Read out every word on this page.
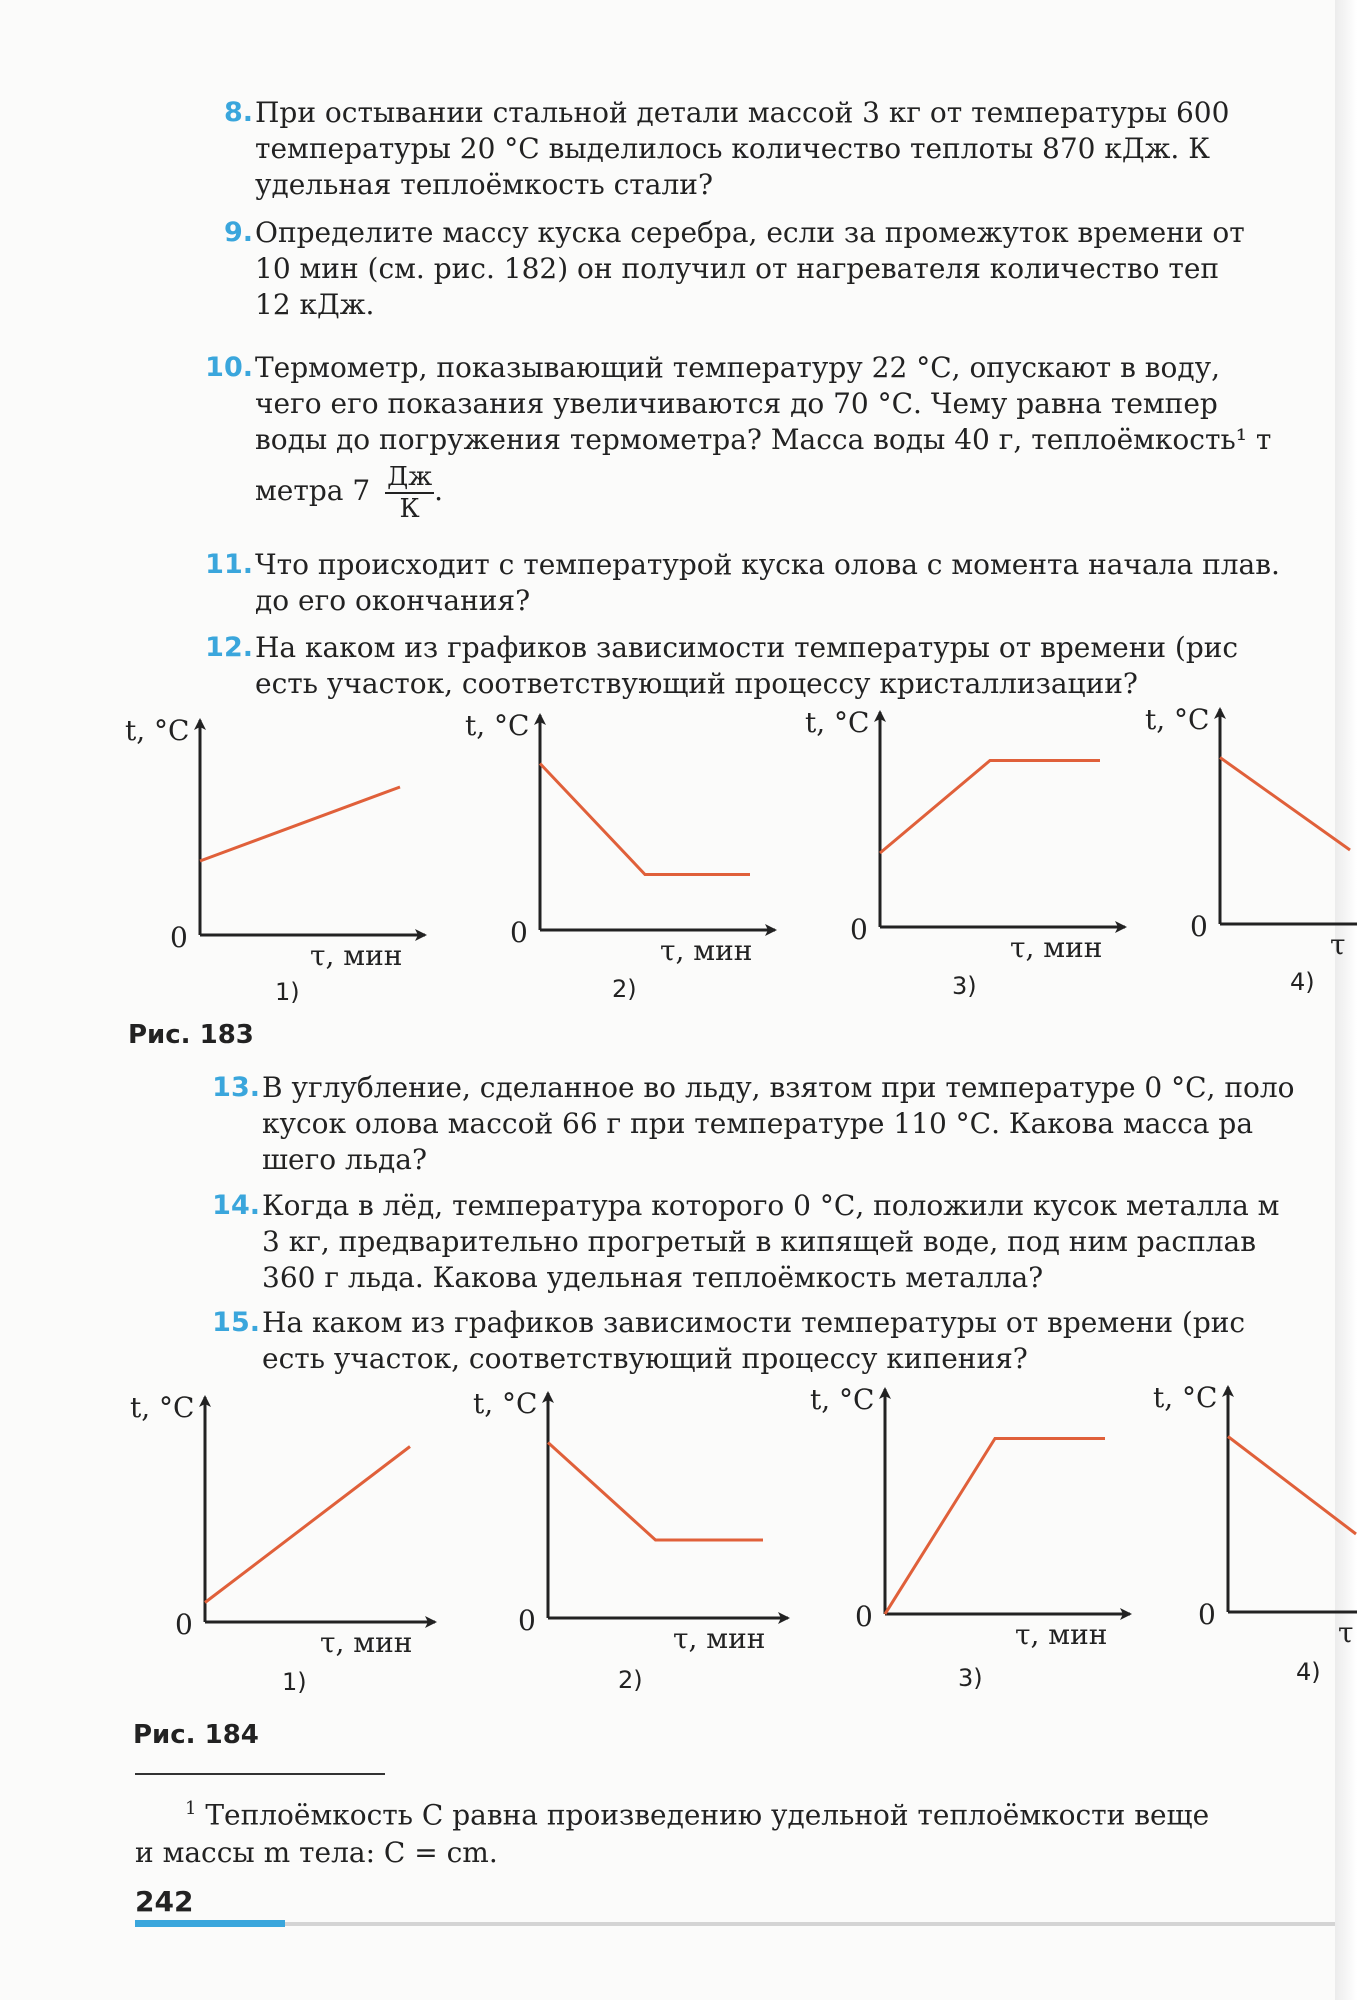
8. При остывании стальной детали массой 3 кг от температуры 600
температуры 20 °С выделилось количество теплоты 870 кДж. К
удельная теплоёмкость стали?
9. Определите массу куска серебра, если за промежуток времени от
10 мин (см. рис. 182) он получил от нагревателя количество теп
12 кДж.
10. Термометр, показывающий температуру 22 °С, опускают в воду,
чего его показания увеличиваются до 70 °С. Чему равна темпер
воды до погружения термометра? Масса воды 40 г, теплоёмкость¹ т
метра $7 \frac{Дж}{К}$ .
11. Что происходит с температурой куска олова с момента начала плав.
до его окончания?
12. На каком из графиков зависимости температуры от времени (рис
есть участок, соответствующий процессу кристаллизации?
t, °С
0
τ, мин
1)
t, °С
0
τ, мин
2)
t, °С
0
τ, мин
3)
t, °С
0
τ
4)
t, °С
0
τ, мин
1)
t, °С
0
τ, мин
2)
t, °С
0
τ, мин
3)
t, °С
0
τ
4)
Рис. 183
13. В углубление, сделанное во льду, взятом при температуре 0 °С, поло
кусок олова массой 66 г при температуре 110 °С. Какова масса ра
шего льда?
14. Когда в лёд, температура которого 0 °С, положили кусок металла м
3 кг, предварительно прогретый в кипящей воде, под ним расплав
360 г льда. Какова удельная теплоёмкость металла?
15. На каком из графиков зависимости температуры от времени (рис
есть участок, соответствующий процессу кипения?
Рис. 184
$^1$ Теплоёмкость C равна произведению удельной теплоёмкости веще
и массы m тела: C = cm.
242
